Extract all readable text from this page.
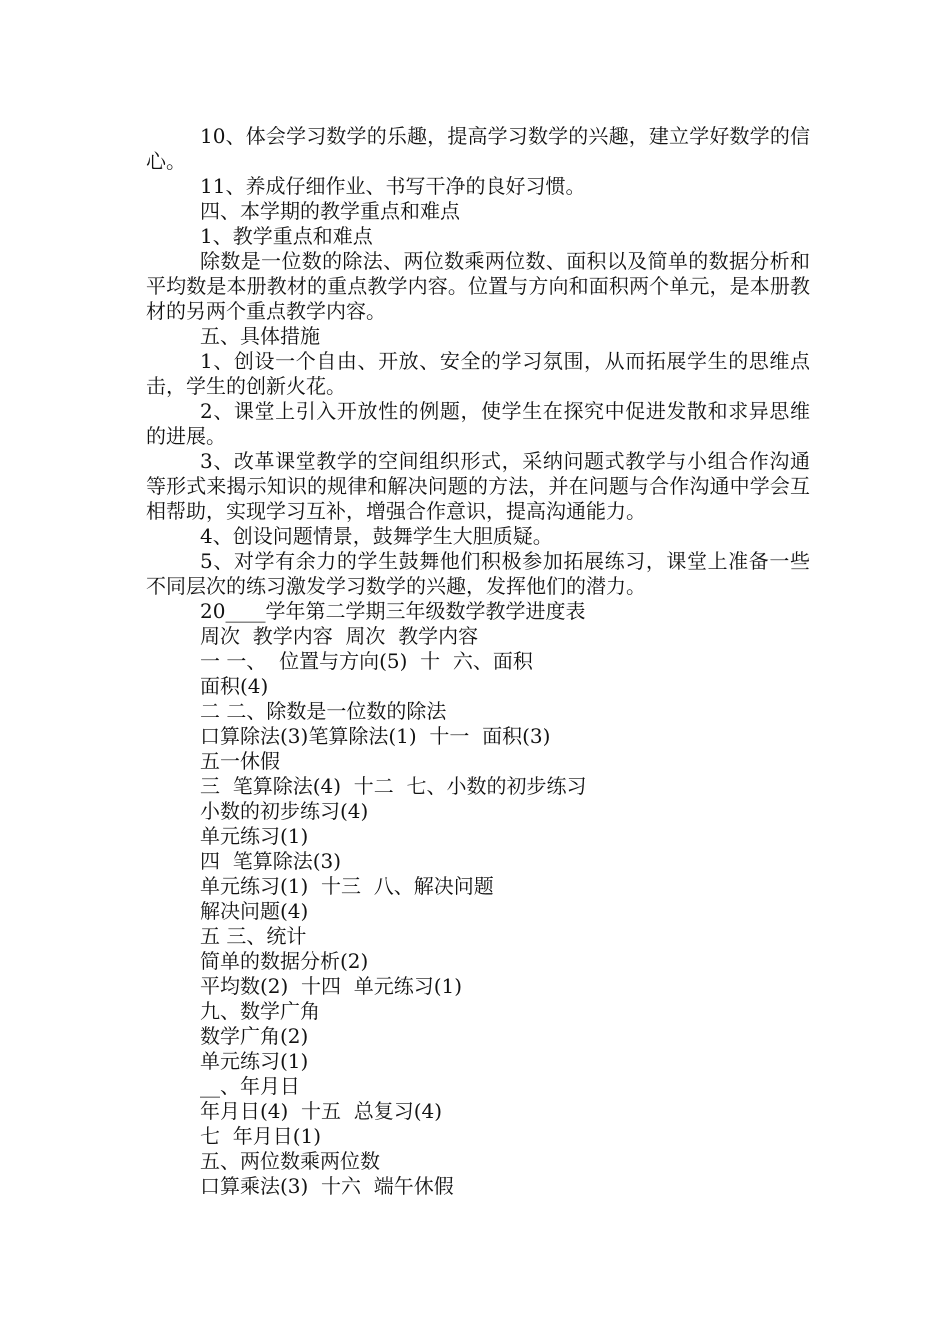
10、体会学习数学的乐趣，提高学习数学的兴趣，建立学好数学的信心。

11、养成仔细作业、书写干净的良好习惯。

四、本学期的教学重点和难点

1、教学重点和难点

除数是一位数的除法、两位数乘两位数、面积以及简单的数据分析和平均数是本册教材的重点教学内容。位置与方向和面积两个单元，是本册教材的另两个重点教学内容。

五、具体措施

1、创设一个自由、开放、安全的学习氛围，从而拓展学生的思维点击，学生的创新火花。

2、课堂上引入开放性的例题，使学生在探究中促进发散和求异思维的进展。

3、改革课堂教学的空间组织形式，采纳问题式教学与小组合作沟通等形式来揭示知识的规律和解决问题的方法，并在问题与合作沟通中学会互相帮助，实现学习互补，增强合作意识，提高沟通能力。

4、创设问题情景，鼓舞学生大胆质疑。

5、对学有余力的学生鼓舞他们积极参加拓展练习，课堂上准备一些不同层次的练习激发学习数学的兴趣，发挥他们的潜力。

20____学年第二学期三年级数学教学进度表

周次  教学内容  周次  教学内容

一 一、  位置与方向(5)  十  六、面积

面积(4)

二 二、除数是一位数的除法

口算除法(3)笔算除法(1)  十一  面积(3)

五一休假

三  笔算除法(4)  十二  七、小数的初步练习

小数的初步练习(4)

单元练习(1)

四  笔算除法(3)

单元练习(1)  十三  八、解决问题

解决问题(4)

五 三、统计

简单的数据分析(2)

平均数(2)  十四  单元练习(1)

九、数学广角

数学广角(2)

单元练习(1)

__、年月日

年月日(4)  十五  总复习(4)

七  年月日(1)

五、两位数乘两位数

口算乘法(3)  十六  端午休假
